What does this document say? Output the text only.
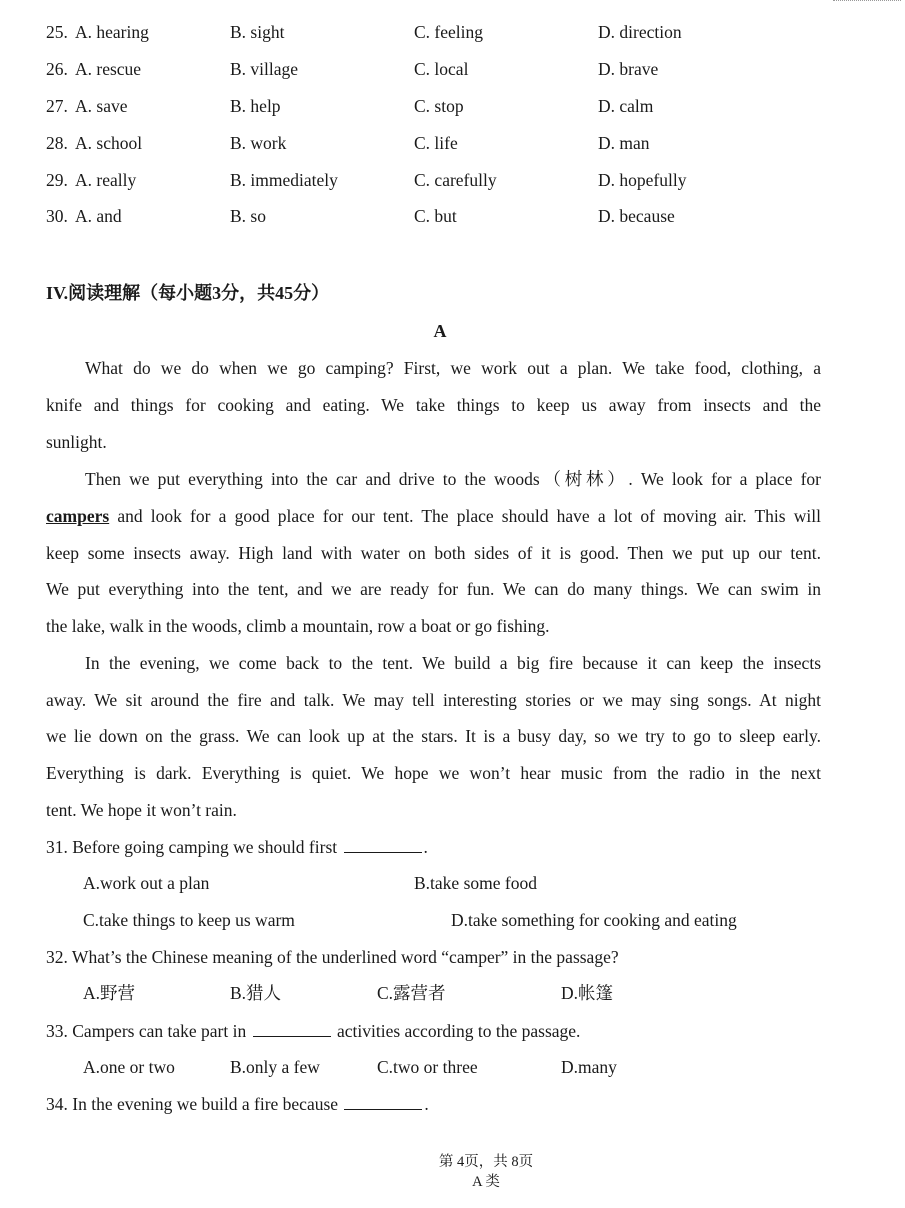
25. A. hearing	B. sight	C. feeling	D. direction
26. A. rescue	B. village	C. local	D. brave
27. A. save	B. help	C. stop	D. calm
28. A. school	B. work	C. life	D. man
29. A. really	B. immediately	C. carefully	D. hopefully
30. A. and	B. so	C. but	D. because
IV.阅读理解（每小题3分，共45分）
A
What do we do when we go camping? First, we work out a plan. We take food, clothing, a
knife and things for cooking and eating. We take things to keep us away from insects and the
sunlight.
Then we put everything into the car and drive to the woods（树林）. We look for a place for
campers and look for a good place for our tent. The place should have a lot of moving air. This will
keep some insects away. High land with water on both sides of it is good. Then we put up our tent.
We put everything into the tent, and we are ready for fun. We can do many things. We can swim in
the lake, walk in the woods, climb a mountain, row a boat or go fishing.
In the evening, we come back to the tent. We build a big fire because it can keep the insects
away. We sit around the fire and talk. We may tell interesting stories or we may sing songs. At night
we lie down on the grass. We can look up at the stars. It is a busy day, so we try to go to sleep early.
Everything is dark. Everything is quiet. We hope we won’t hear music from the radio in the next
tent. We hope it won’t rain.
31. Before going camping we should first	.
A.work out a plan	B.take some food
C.take things to keep us warm	D.take something for cooking and eating
32. What’s the Chinese meaning of the underlined word “camper” in the passage?
A.野营	B.猎人	C.露营者	D.帐篷
33. Campers can take part in	activities according to the passage.
A.one or two	B.only a few	C.two or three	D.many
34. In the evening we build a fire because	.
第 4页，共 8页
A 类
